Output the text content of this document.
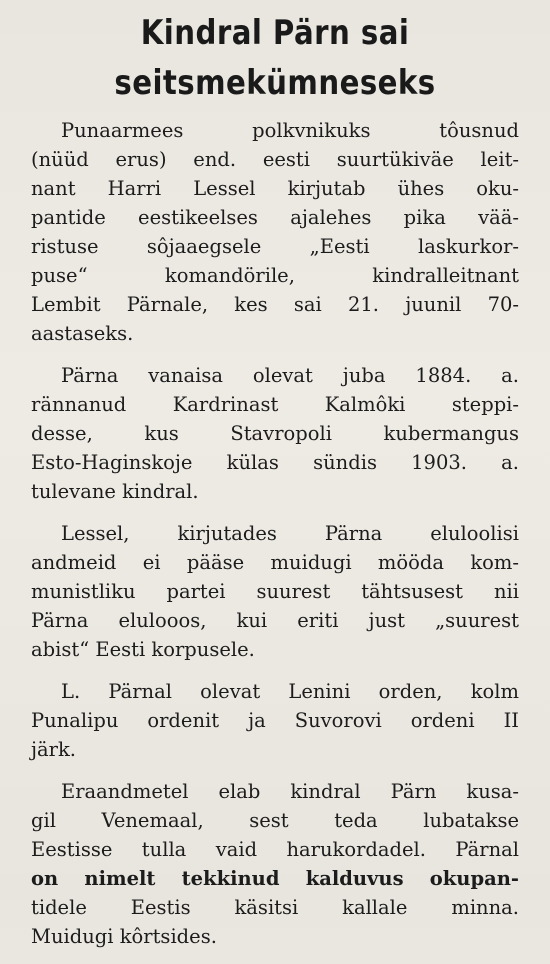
Kindral Pärn sai
seitsmekümneseks

Punaarmees polkvnikuks tôusnud
(nüüd erus) end. eesti suurtükiväe leit-
nant Harri Lessel kirjutab ühes oku-
pantide eestikeelses ajalehes pika vää-
ristuse sôjaaegsele „Eesti laskurkor-
puse“ komandörile, kindralleitnant
Lembit Pärnale, kes sai 21. juunil 70-
aastaseks.

Pärna vanaisa olevat juba 1884. a.
rännanud Kardrinast Kalmôki steppi-
desse, kus Stavropoli kubermangus
Esto-Haginskoje külas sündis 1903. a.
tulevane kindral.

Lessel, kirjutades Pärna eluloolisi
andmeid ei pääse muidugi mööda kom-
munistliku partei suurest tähtsusest nii
Pärna elulooos, kui eriti just „suurest
abist“ Eesti korpusele.

L. Pärnal olevat Lenini orden, kolm
Punalipu ordenit ja Suvorovi ordeni II
järk.

Eraandmetel elab kindral Pärn kusa-
gil Venemaal, sest teda lubatakse
Eestisse tulla vaid harukordadel. Pärnal
on nimelt tekkinud kalduvus okupan-
tidele Eestis käsitsi kallale minna.
Muidugi kôrtsides.
